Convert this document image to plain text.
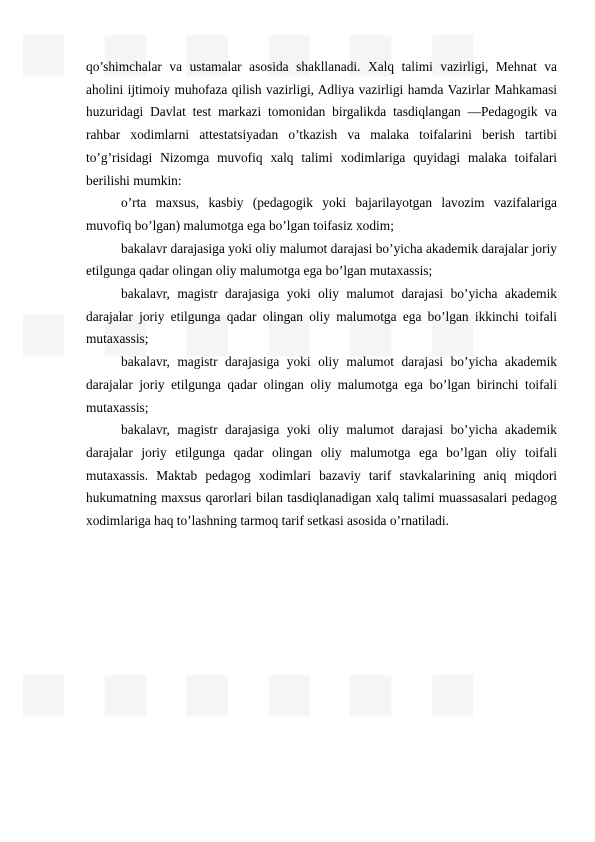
qo’shimchalar va ustamalar asosida shakllanadi. Xalq talimi vazirligi, Mehnat va aholini ijtimoiy muhofaza qilish vazirligi, Adliya vazirligi hamda Vazirlar Mahkamasi huzuridagi Davlat test markazi tomonidan birgalikda tasdiqlangan ―Pedagogik va rahbar xodimlarni attestatsiyadan o’tkazish va malaka toifalarini berish tartibi to’g’risidagi Nizomga muvofiq xalq talimi xodimlariga quyidagi malaka toifalari berilishi mumkin:

o’rta maxsus, kasbiy (pedagogik yoki bajarilayotgan lavozim vazifalariga muvofiq bo’lgan) malumotga ega bo’lgan toifasiz xodim;

bakalavr darajasiga yoki oliy malumot darajasi bo’yicha akademik darajalar joriy etilgunga qadar olingan oliy malumotga ega bo’lgan mutaxassis;

bakalavr, magistr darajasiga yoki oliy malumot darajasi bo’yicha akademik darajalar joriy etilgunga qadar olingan oliy malumotga ega bo’lgan ikkinchi toifali mutaxassis;

bakalavr, magistr darajasiga yoki oliy malumot darajasi bo’yicha akademik darajalar joriy etilgunga qadar olingan oliy malumotga ega bo’lgan birinchi toifali mutaxassis;

bakalavr, magistr darajasiga yoki oliy malumot darajasi bo’yicha akademik darajalar joriy etilgunga qadar olingan oliy malumotga ega bo’lgan oliy toifali mutaxassis. Maktab pedagog xodimlari bazaviy tarif stavkalarining aniq miqdori hukumatning maxsus qarorlari bilan tasdiqlanadigan xalq talimi muassasalari pedagog xodimlariga haq to’lashning tarmoq tarif setkasi asosida o’rnatiladi.
